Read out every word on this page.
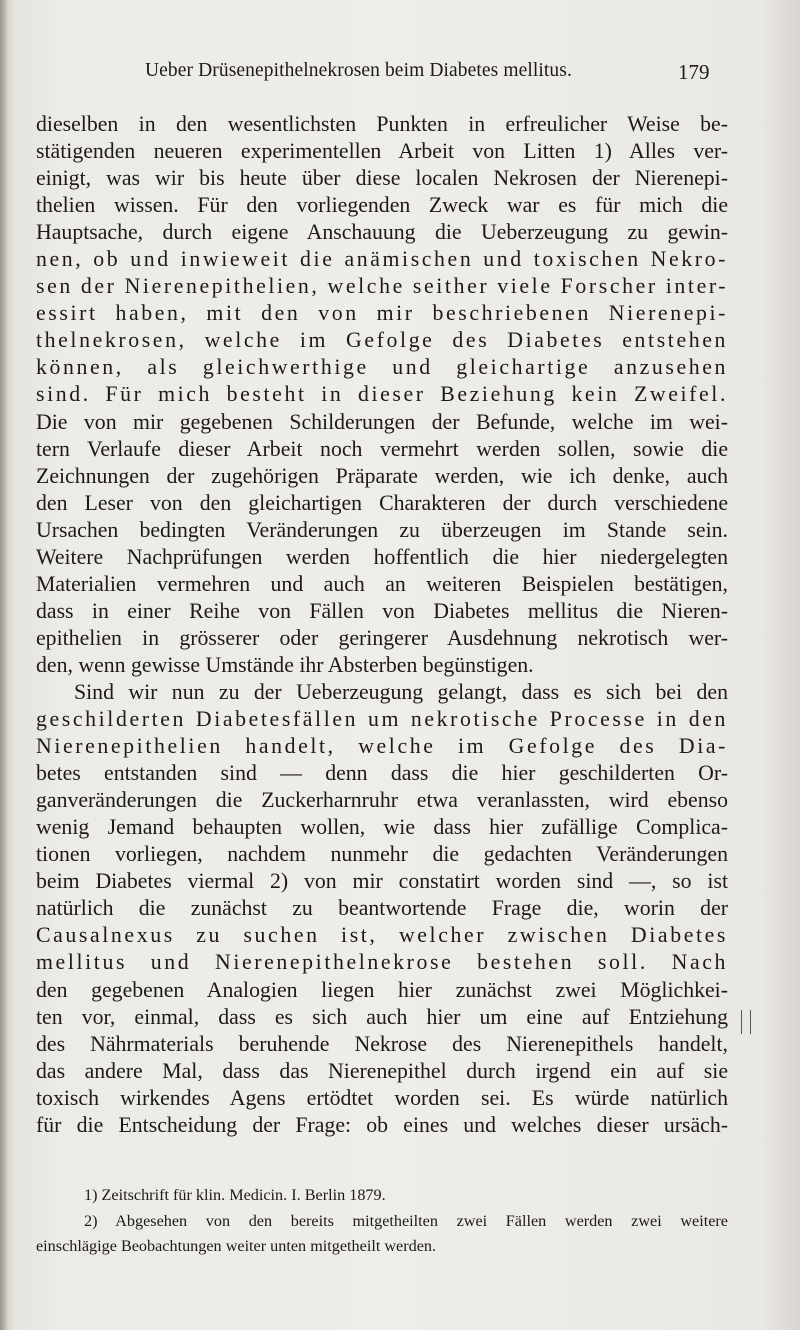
Ueber Drüsenepithelnekrosen beim Diabetes mellitus.	179
dieselben in den wesentlichsten Punkten in erfreulicher Weise be-
stätigenden neueren experimentellen Arbeit von Litten 1) Alles ver-
einigt, was wir bis heute über diese localen Nekrosen der Nierenepi-
thelien wissen. Für den vorliegenden Zweck war es für mich die
Hauptsache, durch eigene Anschauung die Ueberzeugung zu gewin-
nen, ob und inwieweit die anämischen und toxischen Nekro-
sen der Nierenepithelien, welche seither viele Forscher inter-
essirt haben, mit den von mir beschriebenen Nierenepi-
thelnekrosen, welche im Gefolge des Diabetes entstehen
können, als gleichwerthige und gleichartige anzusehen
sind. Für mich besteht in dieser Beziehung kein Zweifel.
Die von mir gegebenen Schilderungen der Befunde, welche im wei-
tern Verlaufe dieser Arbeit noch vermehrt werden sollen, sowie die
Zeichnungen der zugehörigen Präparate werden, wie ich denke, auch
den Leser von den gleichartigen Charakteren der durch verschiedene
Ursachen bedingten Veränderungen zu überzeugen im Stande sein.
Weitere Nachprüfungen werden hoffentlich die hier niedergelegten
Materialien vermehren und auch an weiteren Beispielen bestätigen,
dass in einer Reihe von Fällen von Diabetes mellitus die Nieren-
epithelien in grösserer oder geringerer Ausdehnung nekrotisch wer-
den, wenn gewisse Umstände ihr Absterben begünstigen.
Sind wir nun zu der Ueberzeugung gelangt, dass es sich bei den
geschilderten Diabetesfällen um nekrotische Processe in den
Nierenepithelien handelt, welche im Gefolge des Dia-
betes entstanden sind — denn dass die hier geschilderten Or-
ganveränderungen die Zuckerharnruhr etwa veranlassten, wird ebenso
wenig Jemand behaupten wollen, wie dass hier zufällige Complica-
tionen vorliegen, nachdem nunmehr die gedachten Veränderungen
beim Diabetes viermal 2) von mir constatirt worden sind —, so ist
natürlich die zunächst zu beantwortende Frage die, worin der
Causalnexus zu suchen ist, welcher zwischen Diabetes
mellitus und Nierenepithelnekrose bestehen soll. Nach
den gegebenen Analogien liegen hier zunächst zwei Möglichkei-
ten vor, einmal, dass es sich auch hier um eine auf Entziehung
des Nährmaterials beruhende Nekrose des Nierenepithels handelt,
das andere Mal, dass das Nierenepithel durch irgend ein auf sie
toxisch wirkendes Agens ertödtet worden sei. Es würde natürlich
für die Entscheidung der Frage: ob eines und welches dieser ursäch-
1) Zeitschrift für klin. Medicin. I. Berlin 1879.
2) Abgesehen von den bereits mitgetheilten zwei Fällen werden zwei weitere
einschlägige Beobachtungen weiter unten mitgetheilt werden.
